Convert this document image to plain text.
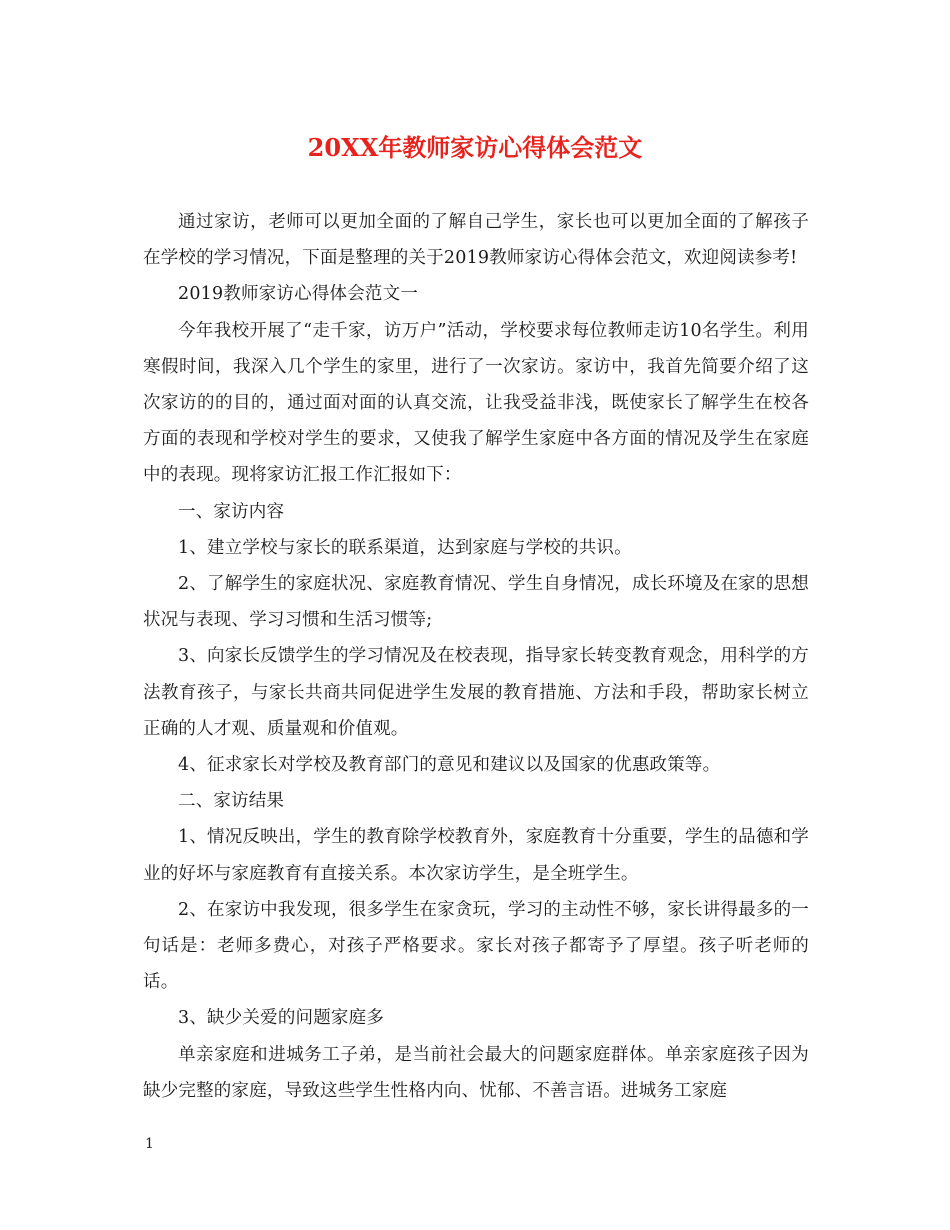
20XX年教师家访心得体会范文

通过家访，老师可以更加全面的了解自己学生，家长也可以更加全面的了解孩子在学校的学习情况，下面是整理的关于2019教师家访心得体会范文，欢迎阅读参考!

2019教师家访心得体会范文一

今年我校开展了“走千家，访万户”活动，学校要求每位教师走访10名学生。利用寒假时间，我深入几个学生的家里，进行了一次家访。家访中，我首先简要介绍了这次家访的的目的，通过面对面的认真交流，让我受益非浅，既使家长了解学生在校各方面的表现和学校对学生的要求，又使我了解学生家庭中各方面的情况及学生在家庭中的表现。现将家访汇报工作汇报如下：

一、家访内容

1、建立学校与家长的联系渠道，达到家庭与学校的共识。

2、了解学生的家庭状况、家庭教育情况、学生自身情况，成长环境及在家的思想状况与表现、学习习惯和生活习惯等;

3、向家长反馈学生的学习情况及在校表现，指导家长转变教育观念，用科学的方法教育孩子，与家长共商共同促进学生发展的教育措施、方法和手段，帮助家长树立正确的人才观、质量观和价值观。

4、征求家长对学校及教育部门的意见和建议以及国家的优惠政策等。

二、家访结果

1、情况反映出，学生的教育除学校教育外，家庭教育十分重要，学生的品德和学业的好坏与家庭教育有直接关系。本次家访学生，是全班学生。

2、在家访中我发现，很多学生在家贪玩，学习的主动性不够，家长讲得最多的一句话是：老师多费心，对孩子严格要求。家长对孩子都寄予了厚望。孩子听老师的话。

3、缺少关爱的问题家庭多

单亲家庭和进城务工子弟，是当前社会最大的问题家庭群体。单亲家庭孩子因为缺少完整的家庭，导致这些学生性格内向、忧郁、不善言语。进城务工家庭

1
